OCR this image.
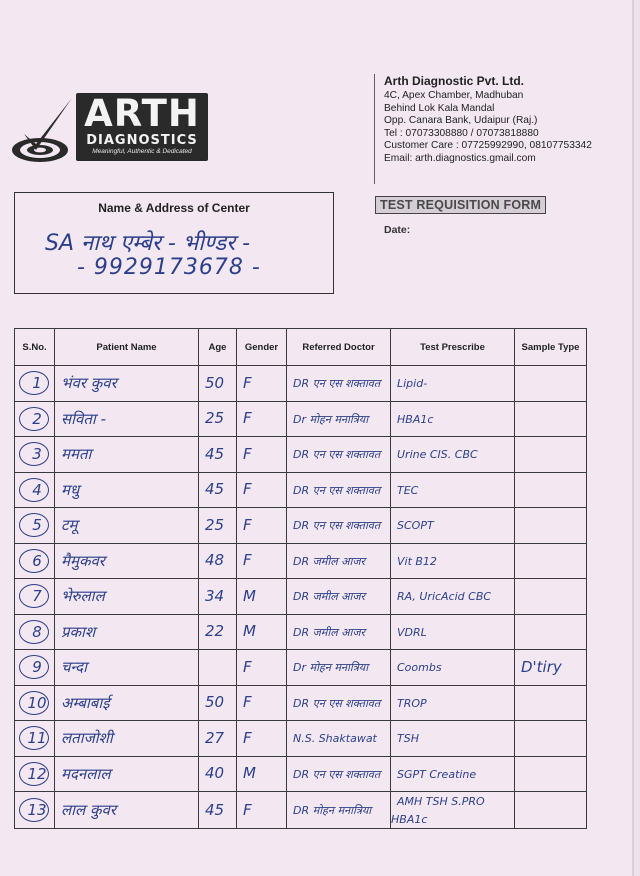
ARTH
DIAGNOSTICS
Meaningful, Authentic & Dedicated
Arth Diagnostic Pvt. Ltd.
4C, Apex Chamber, Madhuban
Behind Lok Kala Mandal
Opp. Canara Bank, Udaipur (Raj.)
Tel : 07073308880 / 07073818880
Customer Care : 07725992990, 08107753342
Email: arth.diagnostics.gmail.com
Name & Address of Center
SA नाथ एम्बेर - भीण्डर -
- 9929173678 -
TEST REQUISITION FORM
Date:
S.No.	Patient Name	Age	Gender	Referred Doctor	Test Prescribe	Sample Type
1	भंवर कुवर	50	F	DR एन एस शक्तावत	Lipid-	
2	सविता -	25	F	Dr मोहन मनात्रिया	HBA1c	
3	ममता	45	F	DR एन एस शक्तावत	Urine CIS. CBC	
4	मधु	45	F	DR एन एस शक्तावत	TEC	
5	टमू	25	F	DR एन एस शक्तावत	SCOPT	
6	मैमुकवर	48	F	DR जमील आजर	Vit B12	
7	भेरुलाल	34	M	DR जमील आजर	RA, UricAcid CBC	
8	प्रकाश	22	M	DR जमील आजर	VDRL	
9	चन्दा		F	Dr मोहन मनात्रिया	Coombs	D'tiry
10	अम्बाबाई	50	F	DR एन एस शक्तावत	TROP	
11	लताजोशी	27	F	N.S. Shaktawat	TSH	
12	मदनलाल	40	M	DR एन एस शक्तावत	SGPT Creatine	
13	लाल कुवर	45	F	DR मोहन मनात्रिया	AMH TSH S.PRO HBA1c	
